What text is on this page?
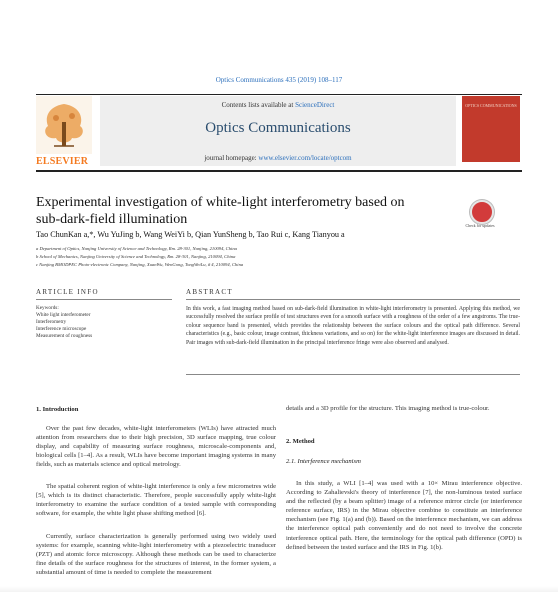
Optics Communications 435 (2019) 108–117
ELSEVIER
Contents lists available at ScienceDirect
Optics Communications
journal homepage: www.elsevier.com/locate/optcom
OPTICS COMMUNICATIONS
Experimental investigation of white-light interferometry based on
sub-dark-field illumination	Check for updates
Tao ChunKan a,*, Wu YuJing b, Wang WeiYi b, Qian YunSheng b, Tao Rui c, Kang Tianyou a
a Department of Optics, Nanjing University of Science and Technology, Rm. 28-301, Nanjing, 210094, China
b School of Mechanics, Nanjing University of Science and Technology, Rm. 28-301, Nanjing, 210094, China
c Nanjing BMODPEC Photo-electronic Company, Nanjing, XuanWu, WenGong, TongWeiLu, # 4, 210094, China
ARTICLE INFO
Keywords:
White light interferometer
Interferometry
Interference microscope
Measurement of roughness
ABSTRACT
In this work, a fast imaging method based on sub-dark-field illumination in white-light interferometry is presented. Applying this method, we successfully resolved the surface profile of test structures even for a smooth surface with a roughness of the order of a few angstroms. The true-colour sequence band is presented, which provides the relationship between the surface colours and the optical path difference. Several characteristics (e.g., basic colour, image contrast, thickness variations, and so on) for the white-light interference images are discussed in detail. Pair images with sub-dark-field illumination in the principal interference fringe were also observed and analysed.
1. Introduction
Over the past few decades, white-light interferometers (WLIs) have attracted much attention from researchers due to their high precision, 3D surface mapping, true colour display, and capability of measuring surface roughness, microscale-components and, biological cells [1–4]. As a result, WLIs have become important imaging systems in many fields, such as materials science and optical metrology.
The spatial coherent region of white-light interference is only a few micrometres wide [5], which is its distinct characteristic. Therefore, people successfully apply white-light interferometry to examine the surface condition of a tested sample with corresponding software, for example, the white light phase shifting method [6].
Currently, surface characterization is generally performed using two widely used systems: for example, scanning white-light interferometry with a piezoelectric transducer (PZT) and atomic force microscopy. Although these methods can be used to characterize fine details of the surface roughness for the structures of interest, in the former system, a substantial amount of time is needed to complete the measurement
details and a 3D profile for the structure. This imaging method is true-colour.
2. Method
2.1. Interference mechanism
In this study, a WLI [1–4] was used with a 10× Mirau interference objective. According to Zahalievski's theory of interference [7], the non-luminous tested surface and the reflected (by a beam splitter) image of a reference mirror circle (or interference reference surface, IRS) in the Mirau objective combine to constitute an interference mechanism (see Fig. 1(a) and (b)). Based on the interference mechanism, we can address the interference optical path conveniently and do not need to involve the concrete interference optical path. Here, the terminology for the optical path difference (OPD) is defined between the tested surface and the IRS in Fig. 1(b).
